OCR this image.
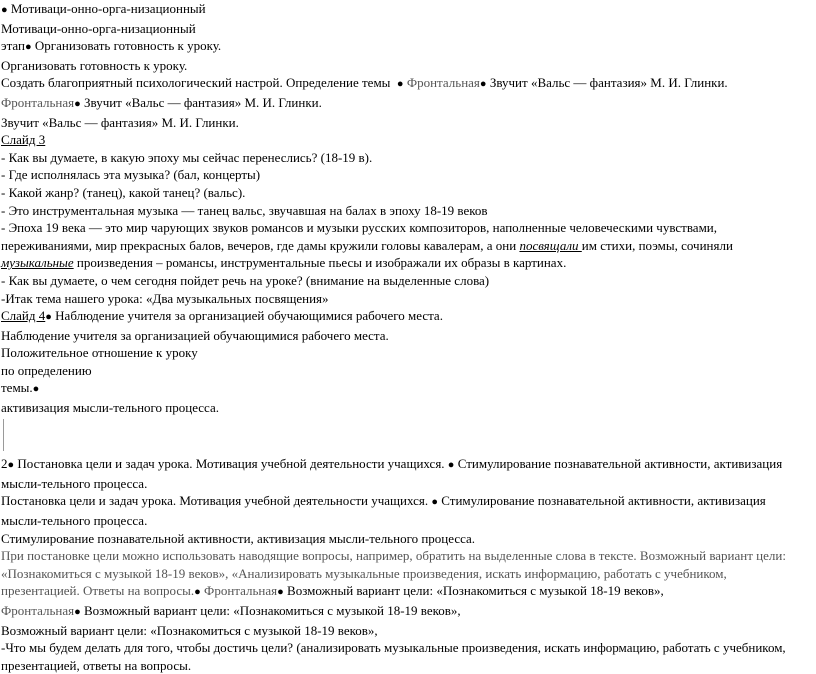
● Мотиваци-онно-орга-низационный
Мотиваци-онно-орга-низационный
этап● Организовать готовность к уроку.
Организовать готовность к уроку.
Создать благоприятный психологический настрой. Определение темы  ● Фронтальная● Звучит «Вальс — фантазия» М. И. Глинки.
Фронтальная● Звучит «Вальс — фантазия» М. И. Глинки.
Звучит «Вальс — фантазия» М. И. Глинки.
Слайд 3
- Как вы думаете, в какую эпоху мы сейчас перенеслись? (18-19 в).
- Где исполнялась эта музыка? (бал, концерты)
- Какой жанр? (танец), какой танец? (вальс).
- Это инструментальная музыка — танец вальс, звучавшая на балах в эпоху 18-19 веков
- Эпоха 19 века — это мир чарующих звуков романсов и музыки русских композиторов, наполненные человеческими чувствами,
переживаниями, мир прекрасных балов, вечеров, где дамы кружили головы кавалерам, а они посвящали им стихи, поэмы, сочиняли
музыкальные произведения – романсы, инструментальные пьесы и изображали их образы в картинах.
- Как вы думаете, о чем сегодня пойдет речь на уроке? (внимание на выделенные слова)
-Итак тема нашего урока: «Два музыкальных посвящения»
Слайд 4● Наблюдение учителя за организацией обучающимися рабочего места.
Наблюдение учителя за организацией обучающимися рабочего места.
Положительное отношение к уроку
по определению
темы.●
активизация мысли-тельного процесса.
2● Постановка цели и задач урока. Мотивация учебной деятельности учащихся. ● Стимулирование познавательной активности, активизация
мысли-тельного процесса.
Постановка цели и задач урока. Мотивация учебной деятельности учащихся. ● Стимулирование познавательной активности, активизация
мысли-тельного процесса.
Стимулирование познавательной активности, активизация мысли-тельного процесса.
При постановке цели можно использовать наводящие вопросы, например, обратить на выделенные слова в тексте. Возможный вариант цели:
«Познакомиться с музыкой 18-19 веков», «Анализировать музыкальные произведения, искать информацию, работать с учебником,
презентацией. Ответы на вопросы.● Фронтальная● Возможный вариант цели: «Познакомиться с музыкой 18-19 веков»,
Фронтальная● Возможный вариант цели: «Познакомиться с музыкой 18-19 веков»,
Возможный вариант цели: «Познакомиться с музыкой 18-19 веков»,
-Что мы будем делать для того, чтобы достичь цели? (анализировать музыкальные произведения, искать информацию, работать с учебником,
презентацией, ответы на вопросы.
